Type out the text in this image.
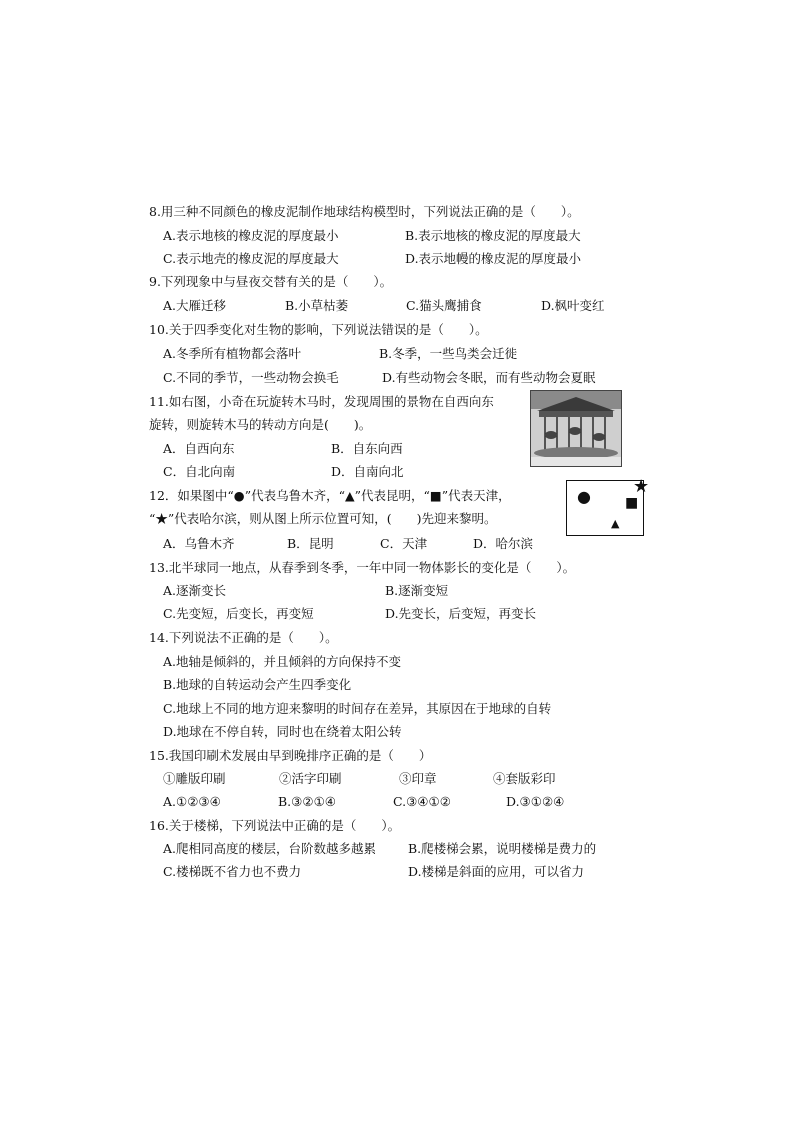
8.用三种不同颜色的橡皮泥制作地球结构模型时，下列说法正确的是（　　）。
A.表示地核的橡皮泥的厚度最小	B.表示地核的橡皮泥的厚度最大
C.表示地壳的橡皮泥的厚度最大	D.表示地幔的橡皮泥的厚度最小
9.下列现象中与昼夜交替有关的是（　　）。
A.大雁迁移	B.小草枯萎	C.猫头鹰捕食	D.枫叶变红
10.关于四季变化对生物的影响，下列说法错误的是（　　）。
A.冬季所有植物都会落叶	B.冬季，一些鸟类会迁徙
C.不同的季节，一些动物会换毛	D.有些动物会冬眠，而有些动物会夏眠
11.如右图，小奇在玩旋转木马时，发现周围的景物在自西向东
旋转，则旋转木马的转动方向是(　　)。
A．自西向东	B．自东向西
C．自北向南	D．自南向北
12．如果图中“●”代表乌鲁木齐，“▲”代表昆明，“■”代表天津，
“★”代表哈尔滨，则从图上所示位置可知，(　　)先迎来黎明。
A．乌鲁木齐	B．昆明	C．天津	D．哈尔滨
● ■
▲
★
13.北半球同一地点，从春季到冬季，一年中同一物体影长的变化是（　　）。
A.逐渐变长	B.逐渐变短
C.先变短，后变长，再变短	D.先变长，后变短，再变长
14.下列说法不正确的是（　　）。
A.地轴是倾斜的，并且倾斜的方向保持不变
B.地球的自转运动会产生四季变化
C.地球上不同的地方迎来黎明的时间存在差异，其原因在于地球的自转
D.地球在不停自转，同时也在绕着太阳公转
15.我国印刷术发展由早到晚排序正确的是（　　）
①雕版印刷	②活字印刷	③印章	④套版彩印
A.①②③④	B.③②①④	C.③④①②	D.③①②④
16.关于楼梯，下列说法中正确的是（　　）。
A.爬相同高度的楼层，台阶数越多越累	B.爬楼梯会累，说明楼梯是费力的
C.楼梯既不省力也不费力	D.楼梯是斜面的应用，可以省力
